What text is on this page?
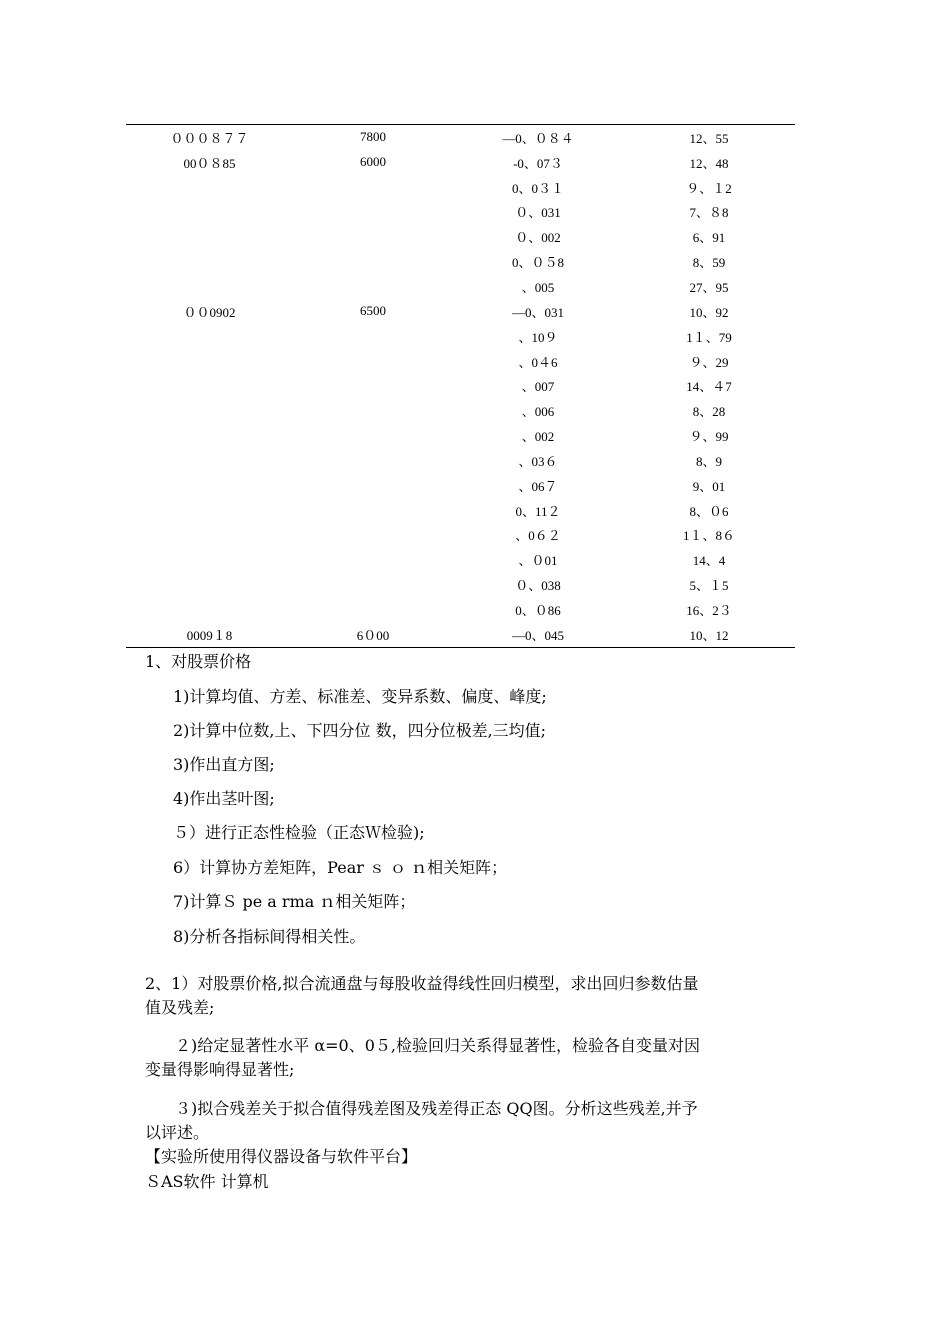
０００８７７	7800	—0、０８４	12、55
00０８85	6000	-0、07３	12、48
		0、0３１	９、１2
		０、031	7、８8
		０、002	6、91
		0、０５8	8、59
		、005	27、95
００0902	6500	—0、031	10、92
		、10９	1１、79
		、0４6	９、29
		、007	14、４7
		、006	8、28
		、002	９、99
		、03６	8、9
		、06７	9、01
		0、11２	8、０6
		、0６２	1１、8６
		、０01	14、4
		０、038	5、１5
		0、０86	16、2３
0009１8	6０00	—0、045	10、12
1、对股票价格
1)计算均值、方差、标准差、变异系数、偏度、峰度;
2)计算中位数,上、下四分位 数，四分位极差,三均值;
3)作出直方图;
4)作出茎叶图;
５）进行正态性检验（正态Ｗ检验);
6）计算协方差矩阵，Pear ｓ ｏ ｎ相关矩阵；
7)计算Ｓ pe a rma ｎ相关矩阵；
8)分析各指标间得相关性。
2、1）对股票价格,拟合流通盘与每股收益得线性回归模型，求出回归参数估量
值及残差;
２)给定显著性水平 α=0、0５,检验回归关系得显著性，检验各自变量对因
变量得影响得显著性;
３)拟合残差关于拟合值得残差图及残差得正态 QQ图。分析这些残差,并予
以评述。
【实验所使用得仪器设备与软件平台】
ＳAS软件 计算机
